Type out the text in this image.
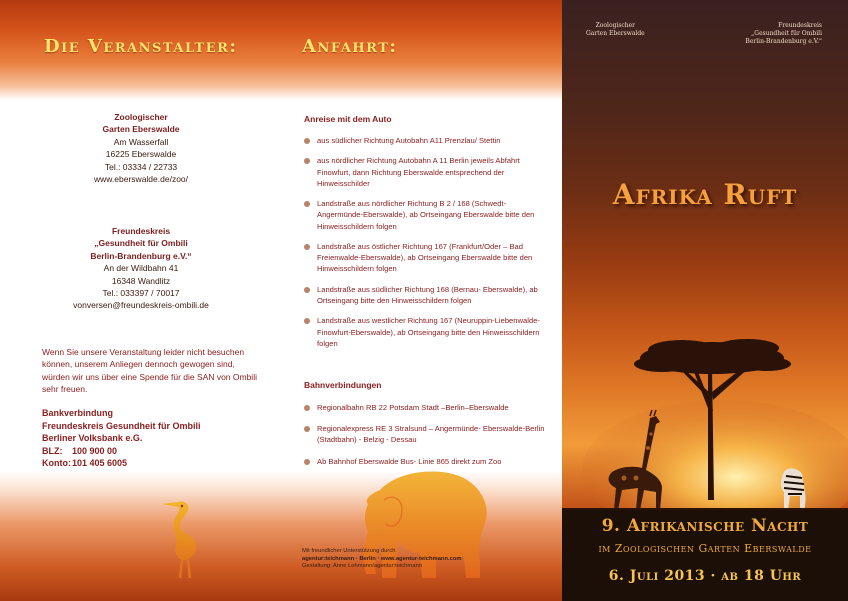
Die Veranstalter:
Zoologischer
Garten Eberswalde
Am Wasserfall
16225 Eberswalde
Tel.: 03334 / 22733
www.eberswalde.de/zoo/
Freundeskreis
„Gesundheit für Ombili
Berlin-Brandenburg e.V.“
An der Wildbahn 41
16348 Wandlitz
Tel.: 033397 / 70017
vonversen@freundeskreis-ombili.de
Wenn Sie unsere Veranstaltung leider nicht besuchen können, unserem Anliegen dennoch gewogen sind, würden wir uns über eine Spende für die SAN von Ombili sehr freuen.
Bankverbindung
Freundeskreis Gesundheit für Ombili
Berliner Volksbank e.G.
BLZ: 100 900 00
Konto:101 405 6005
Anfahrt:
Anreise mit dem Auto
aus südlicher Richtung Autobahn A11 Prenzlau/ Stettin
aus nördlicher Richtung Autobahn A 11 Berlin jeweils Abfahrt Finowfurt, dann Richtung Eberswalde entsprechend der Hinweisschilder
Landstraße aus nördlicher Richtung B 2 / 168 (Schwedt-Angermünde-Eberswalde), ab Ortseingang Eberswalde bitte den Hinweisschildern folgen
Landstraße aus östlicher Richtung 167 (Frankfurt/Oder – Bad Freienwalde-Eberswalde), ab Ortseingang Eberswalde bitte den Hinweisschildern folgen
Landstraße aus südlicher Richtung 168 (Bernau- Eberswalde), ab Ortseingang bitte den Hinweisschildern folgen
Landstraße aus westlicher Richtung 167 (Neuruppin-Liebenwalde-Finowfurt-Eberswalde), ab Ortseingang bitte den Hinweisschildern folgen
Bahnverbindungen
Regionalbahn RB 22 Potsdam Stadt –Berlin–Eberswalde
Regionalexpress RE 3 Stralsund – Angermünde- Eberswalde-Berlin (Stadtbahn) - Belzig - Dessau
Ab Bahnhof Eberswalde Bus- Linie 865 direkt zum Zoo
Mit freundlicher Unterstützung durch
agentur:teichmann · Berlin · www.agentur-teichmann.com
Gestaltung: Anne Lohmann/agentur:teichmann
Zoologischer
Garten Eberswalde
Freundeskreis
„Gesundheit für Ombili
Berlin-Brandenburg e.V.“
Afrika Ruft
9. Afrikanische Nacht
im Zoologischen Garten Eberswalde
6. Juli 2013 · ab 18 Uhr
